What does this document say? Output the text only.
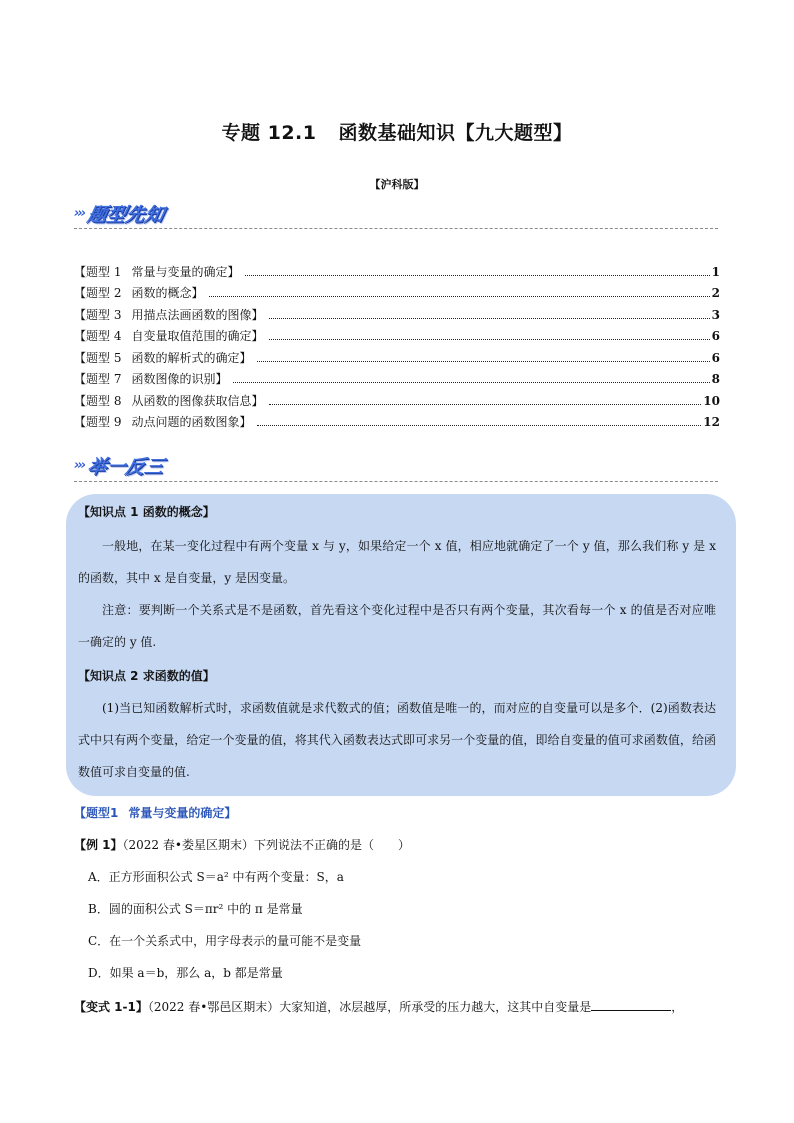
专题 12.1 函数基础知识【九大题型】
【沪科版】
›››题型先知
【题型 1 常量与变量的确定】	1
【题型 2 函数的概念】	2
【题型 3 用描点法画函数的图像】	3
【题型 4 自变量取值范围的确定】	6
【题型 5 函数的解析式的确定】	6
【题型 7 函数图像的识别】	8
【题型 8 从函数的图像获取信息】	10
【题型 9 动点问题的函数图象】	12
›››举一反三
【知识点 1 函数的概念】

一般地，在某一变化过程中有两个变量 x 与 y，如果给定一个 x 值，相应地就确定了一个 y 值，那么我们称 y 是 x 的函数，其中 x 是自变量，y 是因变量。

注意：要判断一个关系式是不是函数，首先看这个变化过程中是否只有两个变量，其次看每一个 x 的值是否对应唯一确定的 y 值.

【知识点 2 求函数的值】

(1)当已知函数解析式时，求函数值就是求代数式的值；函数值是唯一的，而对应的自变量可以是多个．(2)函数表达式中只有两个变量，给定一个变量的值，将其代入函数表达式即可求另一个变量的值，即给自变量的值可求函数值，给函数值可求自变量的值.

【题型1 常量与变量的确定】
【例 1】（2022 春•娄星区期末）下列说法不正确的是（　　）
A．正方形面积公式 S＝a² 中有两个变量：S，a
B．圆的面积公式 S＝πr² 中的 π 是常量
C．在一个关系式中，用字母表示的量可能不是变量
D．如果 a＝b，那么 a，b 都是常量
【变式 1-1】（2022 春•鄂邑区期末）大家知道，冰层越厚，所承受的压力越大，这其中自变量是	，
